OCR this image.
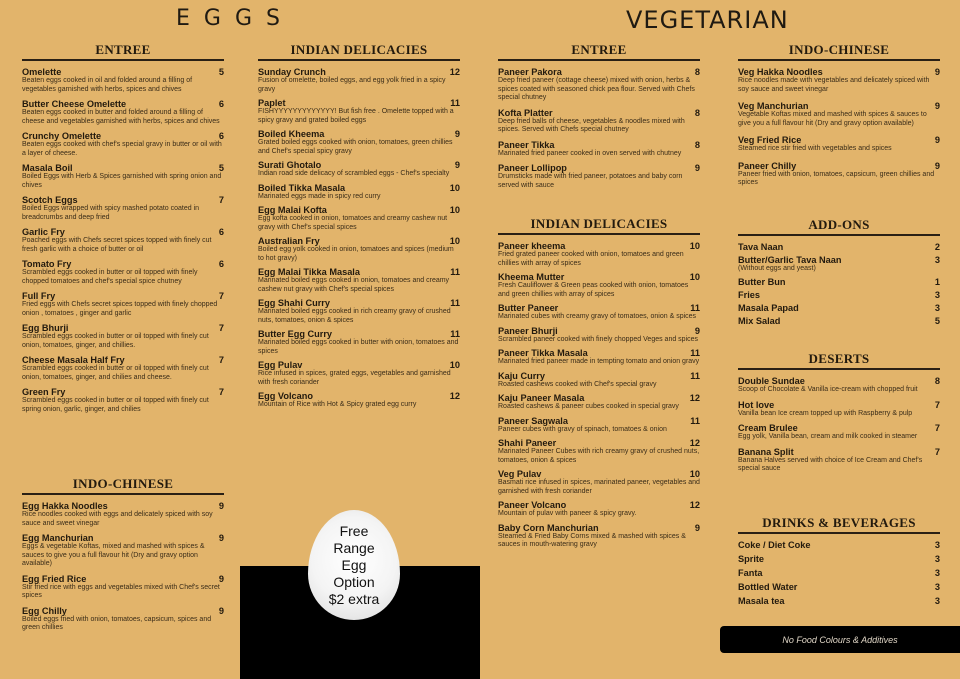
EGGS	VEGETARIAN
ENTREE
Omelette	5
Beaten eggs cooked in oil and folded around a filling of vegetables garnished with herbs, spices and chives
Butter Cheese Omelette	6
Beaten eggs cooked in butter and folded around a filling of cheese and vegetables garnished with herbs, spices and chives
Crunchy Omelette	6
Beaten eggs cooked with chef's special gravy in butter or oil with a layer of cheese.
Masala Boil	5
Boiled Eggs with Herb & Spices garnished with spring onion and chives
Scotch Eggs	7
Boiled Eggs wrapped with spicy mashed potato coated in breadcrumbs and deep fried
Garlic Fry	6
Poached eggs with Chefs secret spices topped with finely cut fresh garlic with a choice of butter or oil
Tomato Fry	6
Scrambled eggs cooked in butter or oil topped with finely chopped tomatoes and chef's special spice chutney
Full Fry	7
Fried eggs with Chefs secret spices topped with finely chopped onion , tomatoes , ginger and garlic
Egg Bhurji	7
Scrambled eggs cooked in butter or oil topped with finely cut onion, tomatoes, ginger, and chillies.
Cheese Masala Half Fry	7
Scrambled eggs cooked in butter or oil topped with finely cut onion, tomatoes, ginger, and chilies and cheese.
Green Fry	7
Scrambled eggs cooked in butter or oil topped with finely cut spring onion, garlic, ginger, and chilies
INDO-CHINESE
Egg Hakka Noodles	9
Rice noodles cooked with eggs and delicately spiced with soy sauce and sweet vinegar
Egg Manchurian	9
Eggs & vegetable Koftas, mixed and mashed with spices & sauces to give you a full flavour hit (Dry and gravy option available)
Egg Fried Rice	9
Stir fried rice with eggs and vegetables mixed with Chef's secret spices
Egg Chilly	9
Boiled eggs fried with onion, tomatoes, capsicum, spices and green chillies
INDIAN DELICACIES
Sunday Crunch	12
Fusion of omelette, boiled eggs, and egg yolk fried in a spicy gravy
Paplet	11
FISHYYYYYYYYYYYYY! But fish free . Omelette topped with a spicy gravy and grated boiled eggs
Boiled Kheema	9
Grated boiled eggs cooked with onion, tomatoes, green chillies and Chef's special spicy gravy
Surati Ghotalo	9
Indian road side delicacy of scrambled eggs - Chef's specialty
Boiled Tikka Masala	10
Marinated eggs made in spicy red curry
Egg Malai Kofta	10
Egg kofta cooked in onion, tomatoes and creamy cashew nut gravy with Chef's special spices
Australian Fry	10
Boiled egg yolk cooked in onion, tomatoes and spices (medium to hot gravy)
Egg Malai Tikka Masala	11
Marinated boiled eggs cooked in onion, tomatoes and creamy cashew nut gravy with Chef's special spices
Egg Shahi Curry	11
Marinated boiled eggs cooked in rich creamy gravy of crushed nuts, tomatoes, onion & spices
Butter Egg Curry	11
Marinated boiled eggs cooked in butter with onion, tomatoes and spices
Egg Pulav	10
Rice infused in spices, grated eggs, vegetables and garnished with fresh coriander
Egg Volcano	12
Mountain of Rice with Hot & Spicy grated egg curry
ENTREE
Paneer Pakora	8
Deep fried paneer (cottage cheese) mixed with onion, herbs & spices coated with seasoned chick pea flour. Served with Chefs special chutney
Kofta Platter	8
Deep fried balls of cheese, vegetables & noodles mixed with spices. Served with Chefs special chutney
Paneer Tikka	8
Marinated fried paneer cooked in oven served with chutney
Paneer Lollipop	9
Drumsticks made with fried paneer, potatoes and baby corn served with sauce
INDIAN DELICACIES
Paneer kheema	10
Fried grated paneer cooked with onion, tomatoes and green chillies with array of spices
Kheema Mutter	10
Fresh Cauliflower & Green peas cooked with onion, tomatoes and green chillies with array of spices
Butter Paneer	11
Marinated cubes with creamy gravy of tomatoes, onion & spices
Paneer Bhurji	9
Scrambled paneer cooked with finely chopped Veges and spices
Paneer Tikka Masala	11
Marinated fried paneer made in tempting tomato and onion gravy
Kaju Curry	11
Roasted cashews cooked with Chef's special gravy
Kaju Paneer Masala	12
Roasted cashews & paneer cubes cooked in special gravy
Paneer Sagwala	11
Paneer cubes with gravy of spinach, tomatoes & onion
Shahi Paneer	12
Marinated Paneer Cubes with rich creamy gravy of crushed nuts, tomatoes, onion & spices
Veg Pulav	10
Basmati rice infused in spices, marinated paneer, vegetables and garnished with fresh coriander
Paneer Volcano	12
Mountain of pulav with paneer & spicy gravy.
Baby Corn Manchurian	9
Steamed & Fried Baby Corns mixed & mashed with spices & sauces in mouth-watering gravy
INDO-CHINESE
Veg Hakka Noodles	9
Rice noodles made with vegetables and delicately spiced with soy sauce and sweet vinegar
Veg Manchurian	9
Vegetable Koftas mixed and mashed with spices & sauces to give you a full flavour hit (Dry and gravy option available)
Veg Fried Rice	9
Steamed rice stir fried with vegetables and spices
Paneer Chilly	9
Paneer fried with onion, tomatoes, capsicum, green chillies and spices
ADD-ONS
Tava Naan	2
Butter/Garlic Tava Naan	3
(Without eggs and yeast)
Butter Bun	1
Fries	3
Masala Papad	3
Mix Salad	5
DESERTS
Double Sundae	8
Scoop of Chocolate & Vanilla ice-cream with chopped fruit
Hot love	7
Vanilla bean Ice cream topped up with Raspberry & pulp
Cream Brulee	7
Egg yolk, Vanilla bean, cream and milk cooked in steamer
Banana Split	7
Banana Halves served with choice of Ice Cream and Chef's special sauce
DRINKS & BEVERAGES
Coke / Diet Coke	3
Sprite	3
Fanta	3
Bottled Water	3
Masala tea	3
Free
Range
Egg
Option
$2 extra
No Food Colours & Additives
